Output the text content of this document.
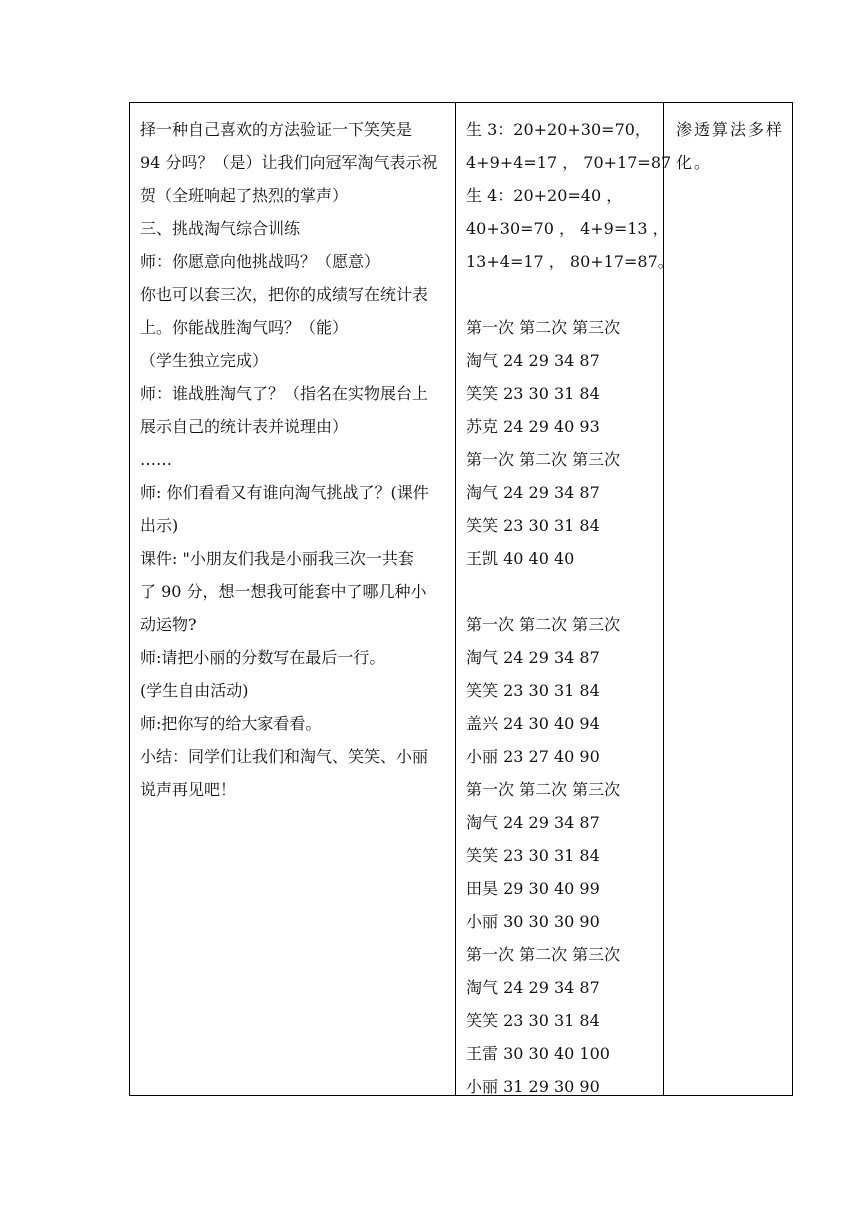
择一种自己喜欢的方法验证一下笑笑是
94 分吗？（是）让我们向冠军淘气表示祝
贺（全班响起了热烈的掌声）
三、挑战淘气综合训练
师：你愿意向他挑战吗？（愿意）
你也可以套三次，把你的成绩写在统计表
上。你能战胜淘气吗？（能）
（学生独立完成）
师：谁战胜淘气了？（指名在实物展台上
展示自己的统计表并说理由）
……
师: 你们看看又有谁向淘气挑战了？(课件
出示)
课件: "小朋友们我是小丽我三次一共套
了 90 分，想一想我可能套中了哪几种小
动运物?
师:请把小丽的分数写在最后一行。
(学生自由活动)
师:把你写的给大家看看。
小结：同学们让我们和淘气、笑笑、小丽
说声再见吧！
生 3：20+20+30=70，
4+9+4=17 ， 70+17=87
生 4：20+20=40 ，
40+30=70 ， 4+9=13 ，
13+4=17 ， 80+17=87。
第一次 第二次 第三次
淘气 24 29 34 87
笑笑 23 30 31 84
苏克 24 29 40 93
第一次 第二次 第三次
淘气 24 29 34 87
笑笑 23 30 31 84
王凯 40 40 40
第一次 第二次 第三次
淘气 24 29 34 87
笑笑 23 30 31 84
盖兴 24 30 40 94
小丽 23 27 40 90
第一次 第二次 第三次
淘气 24 29 34 87
笑笑 23 30 31 84
田昊 29 30 40 99
小丽 30 30 30 90
第一次 第二次 第三次
淘气 24 29 34 87
笑笑 23 30 31 84
王雷 30 30 40 100
小丽 31 29 30 90
渗透算法多样
化。
